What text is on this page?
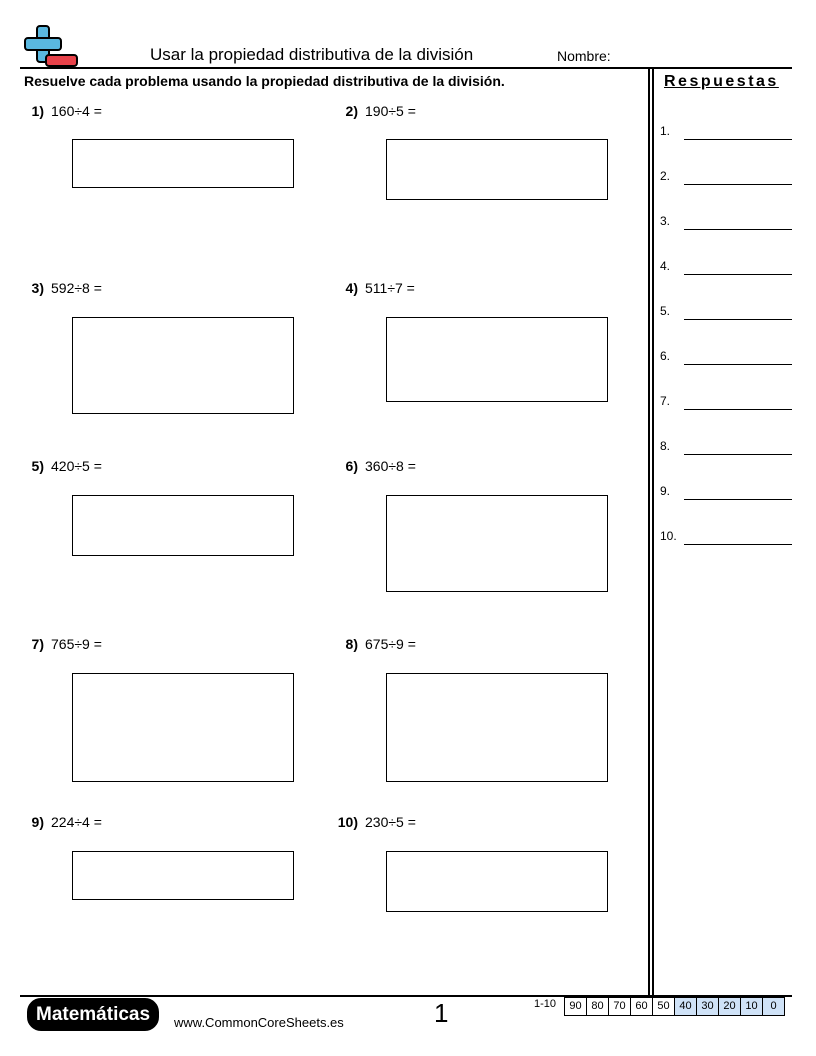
Usar la propiedad distributiva de la división	Nombre:
Resuelve cada problema usando la propiedad distributiva de la división.	Respuestas
1.
2.
3.
4.
5.
6.
7.
8.
9.
10.
1) 160÷4 =	2) 190÷5 =
3) 592÷8 =	4) 511÷7 =
5) 420÷5 =	6) 360÷8 =
7) 765÷9 =	8) 675÷9 =
9) 224÷4 =	10) 230÷5 =
Matemáticas	www.CommonCoreSheets.es	1	1-10	90 80 70 60 50 40 30 20 10	0
